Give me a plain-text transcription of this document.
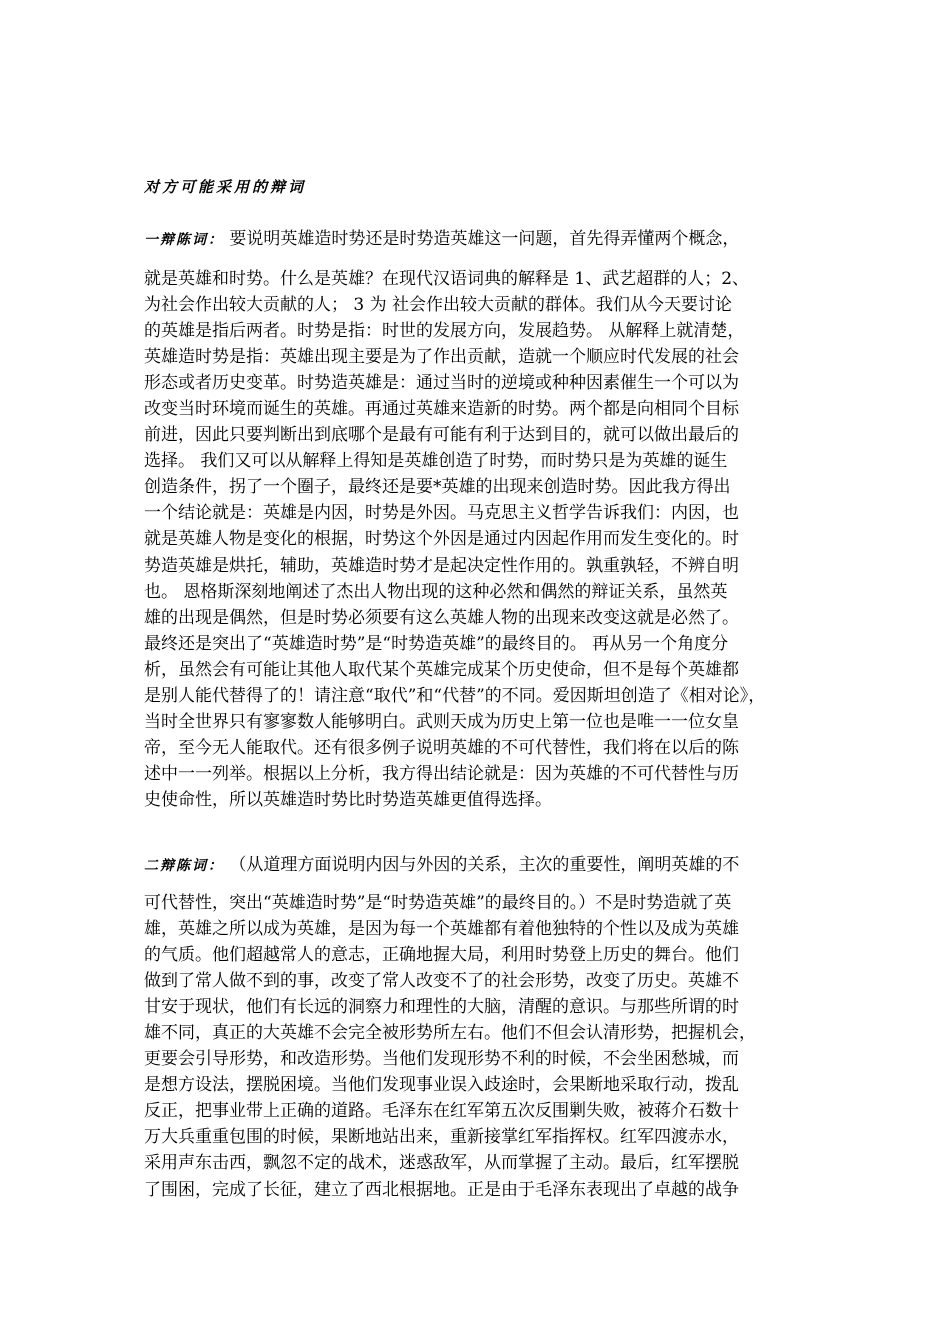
对方可能采用的辩词
一辩陈词： 要说明英雄造时势还是时势造英雄这一问题，首先得弄懂两个概念，
就是英雄和时势。什么是英雄？在现代汉语词典的解释是 1、武艺超群的人；2、
为社会作出较大贡献的人； 3 为 社会作出较大贡献的群体。我们从今天要讨论
的英雄是指后两者。时势是指：时世的发展方向，发展趋势。 从解释上就清楚，
英雄造时势是指：英雄出现主要是为了作出贡献，造就一个顺应时代发展的社会
形态或者历史变革。时势造英雄是：通过当时的逆境或种种因素催生一个可以为
改变当时环境而诞生的英雄。再通过英雄来造新的时势。两个都是向相同个目标
前进，因此只要判断出到底哪个是最有可能有利于达到目的，就可以做出最后的
选择。 我们又可以从解释上得知是英雄创造了时势，而时势只是为英雄的诞生
创造条件，拐了一个圈子，最终还是要*英雄的出现来创造时势。因此我方得出
一个结论就是：英雄是内因，时势是外因。马克思主义哲学告诉我们：内因，也
就是英雄人物是变化的根据，时势这个外因是通过内因起作用而发生变化的。时
势造英雄是烘托，辅助，英雄造时势才是起决定性作用的。孰重孰轻，不辨自明
也。 恩格斯深刻地阐述了杰出人物出现的这种必然和偶然的辩证关系，虽然英
雄的出现是偶然，但是时势必须要有这么英雄人物的出现来改变这就是必然了。
最终还是突出了“英雄造时势”是“时势造英雄”的最终目的。 再从另一个角度分
析，虽然会有可能让其他人取代某个英雄完成某个历史使命，但不是每个英雄都
是别人能代替得了的！请注意“取代”和“代替”的不同。爱因斯坦创造了《相对论》，
当时全世界只有寥寥数人能够明白。武则天成为历史上第一位也是唯一一位女皇
帝，至今无人能取代。还有很多例子说明英雄的不可代替性，我们将在以后的陈
述中一一列举。根据以上分析，我方得出结论就是：因为英雄的不可代替性与历
史使命性，所以英雄造时势比时势造英雄更值得选择。
二辩陈词： （从道理方面说明内因与外因的关系，主次的重要性，阐明英雄的不
可代替性，突出“英雄造时势”是“时势造英雄”的最终目的。）不是时势造就了英
雄，英雄之所以成为英雄，是因为每一个英雄都有着他独特的个性以及成为英雄
的气质。他们超越常人的意志，正确地握大局，利用时势登上历史的舞台。他们
做到了常人做不到的事，改变了常人改变不了的社会形势，改变了历史。英雄不
甘安于现状，他们有长远的洞察力和理性的大脑，清醒的意识。与那些所谓的时
雄不同，真正的大英雄不会完全被形势所左右。他们不但会认清形势，把握机会，
更要会引导形势，和改造形势。当他们发现形势不利的时候，不会坐困愁城，而
是想方设法，摆脱困境。当他们发现事业误入歧途时，会果断地采取行动，拨乱
反正，把事业带上正确的道路。毛泽东在红军第五次反围剿失败，被蒋介石数十
万大兵重重包围的时候，果断地站出来，重新接掌红军指挥权。红军四渡赤水，
采用声东击西，飘忽不定的战术，迷惑敌军，从而掌握了主动。最后，红军摆脱
了围困，完成了长征，建立了西北根据地。正是由于毛泽东表现出了卓越的战争
